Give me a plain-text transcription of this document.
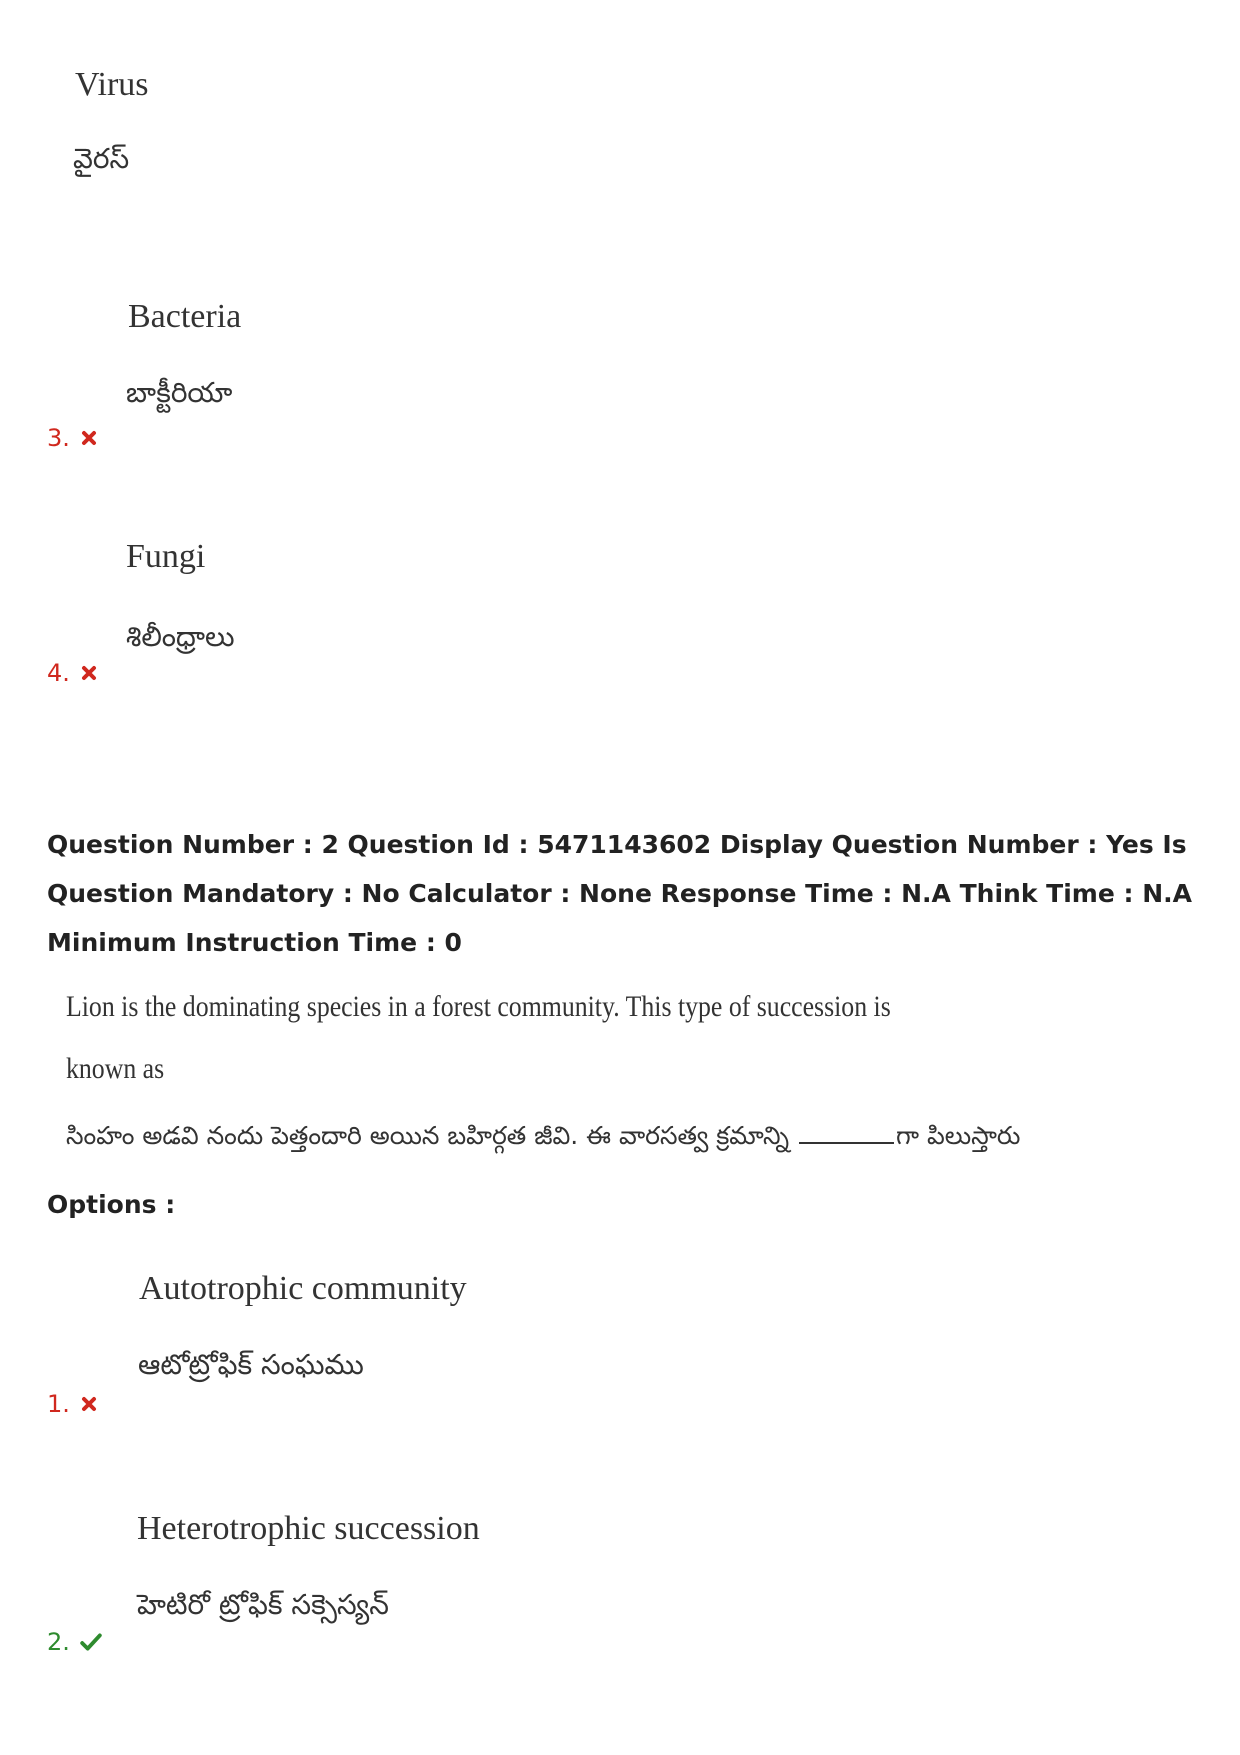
Virus
వైరస్
Bacteria
బాక్టీరియా
3.
Fungi
శిలీంధ్రాలు
4.
Question Number : 2 Question Id : 5471143602 Display Question Number : Yes Is Question Mandatory : No Calculator : None Response Time : N.A Think Time : N.A Minimum Instruction Time : 0
Lion is the dominating species in a forest community. This type of succession is
known as
సింహం అడవి నందు పెత్తందారి అయిన బహిర్గత జీవి. ఈ వారసత్వ క్రమాన్ని	గా పిలుస్తారు
Options :
Autotrophic community
ఆటోట్రోఫిక్ సంఘము
1.
Heterotrophic succession
హెటిరో ట్రోఫిక్ సక్సెస్యన్
2.
